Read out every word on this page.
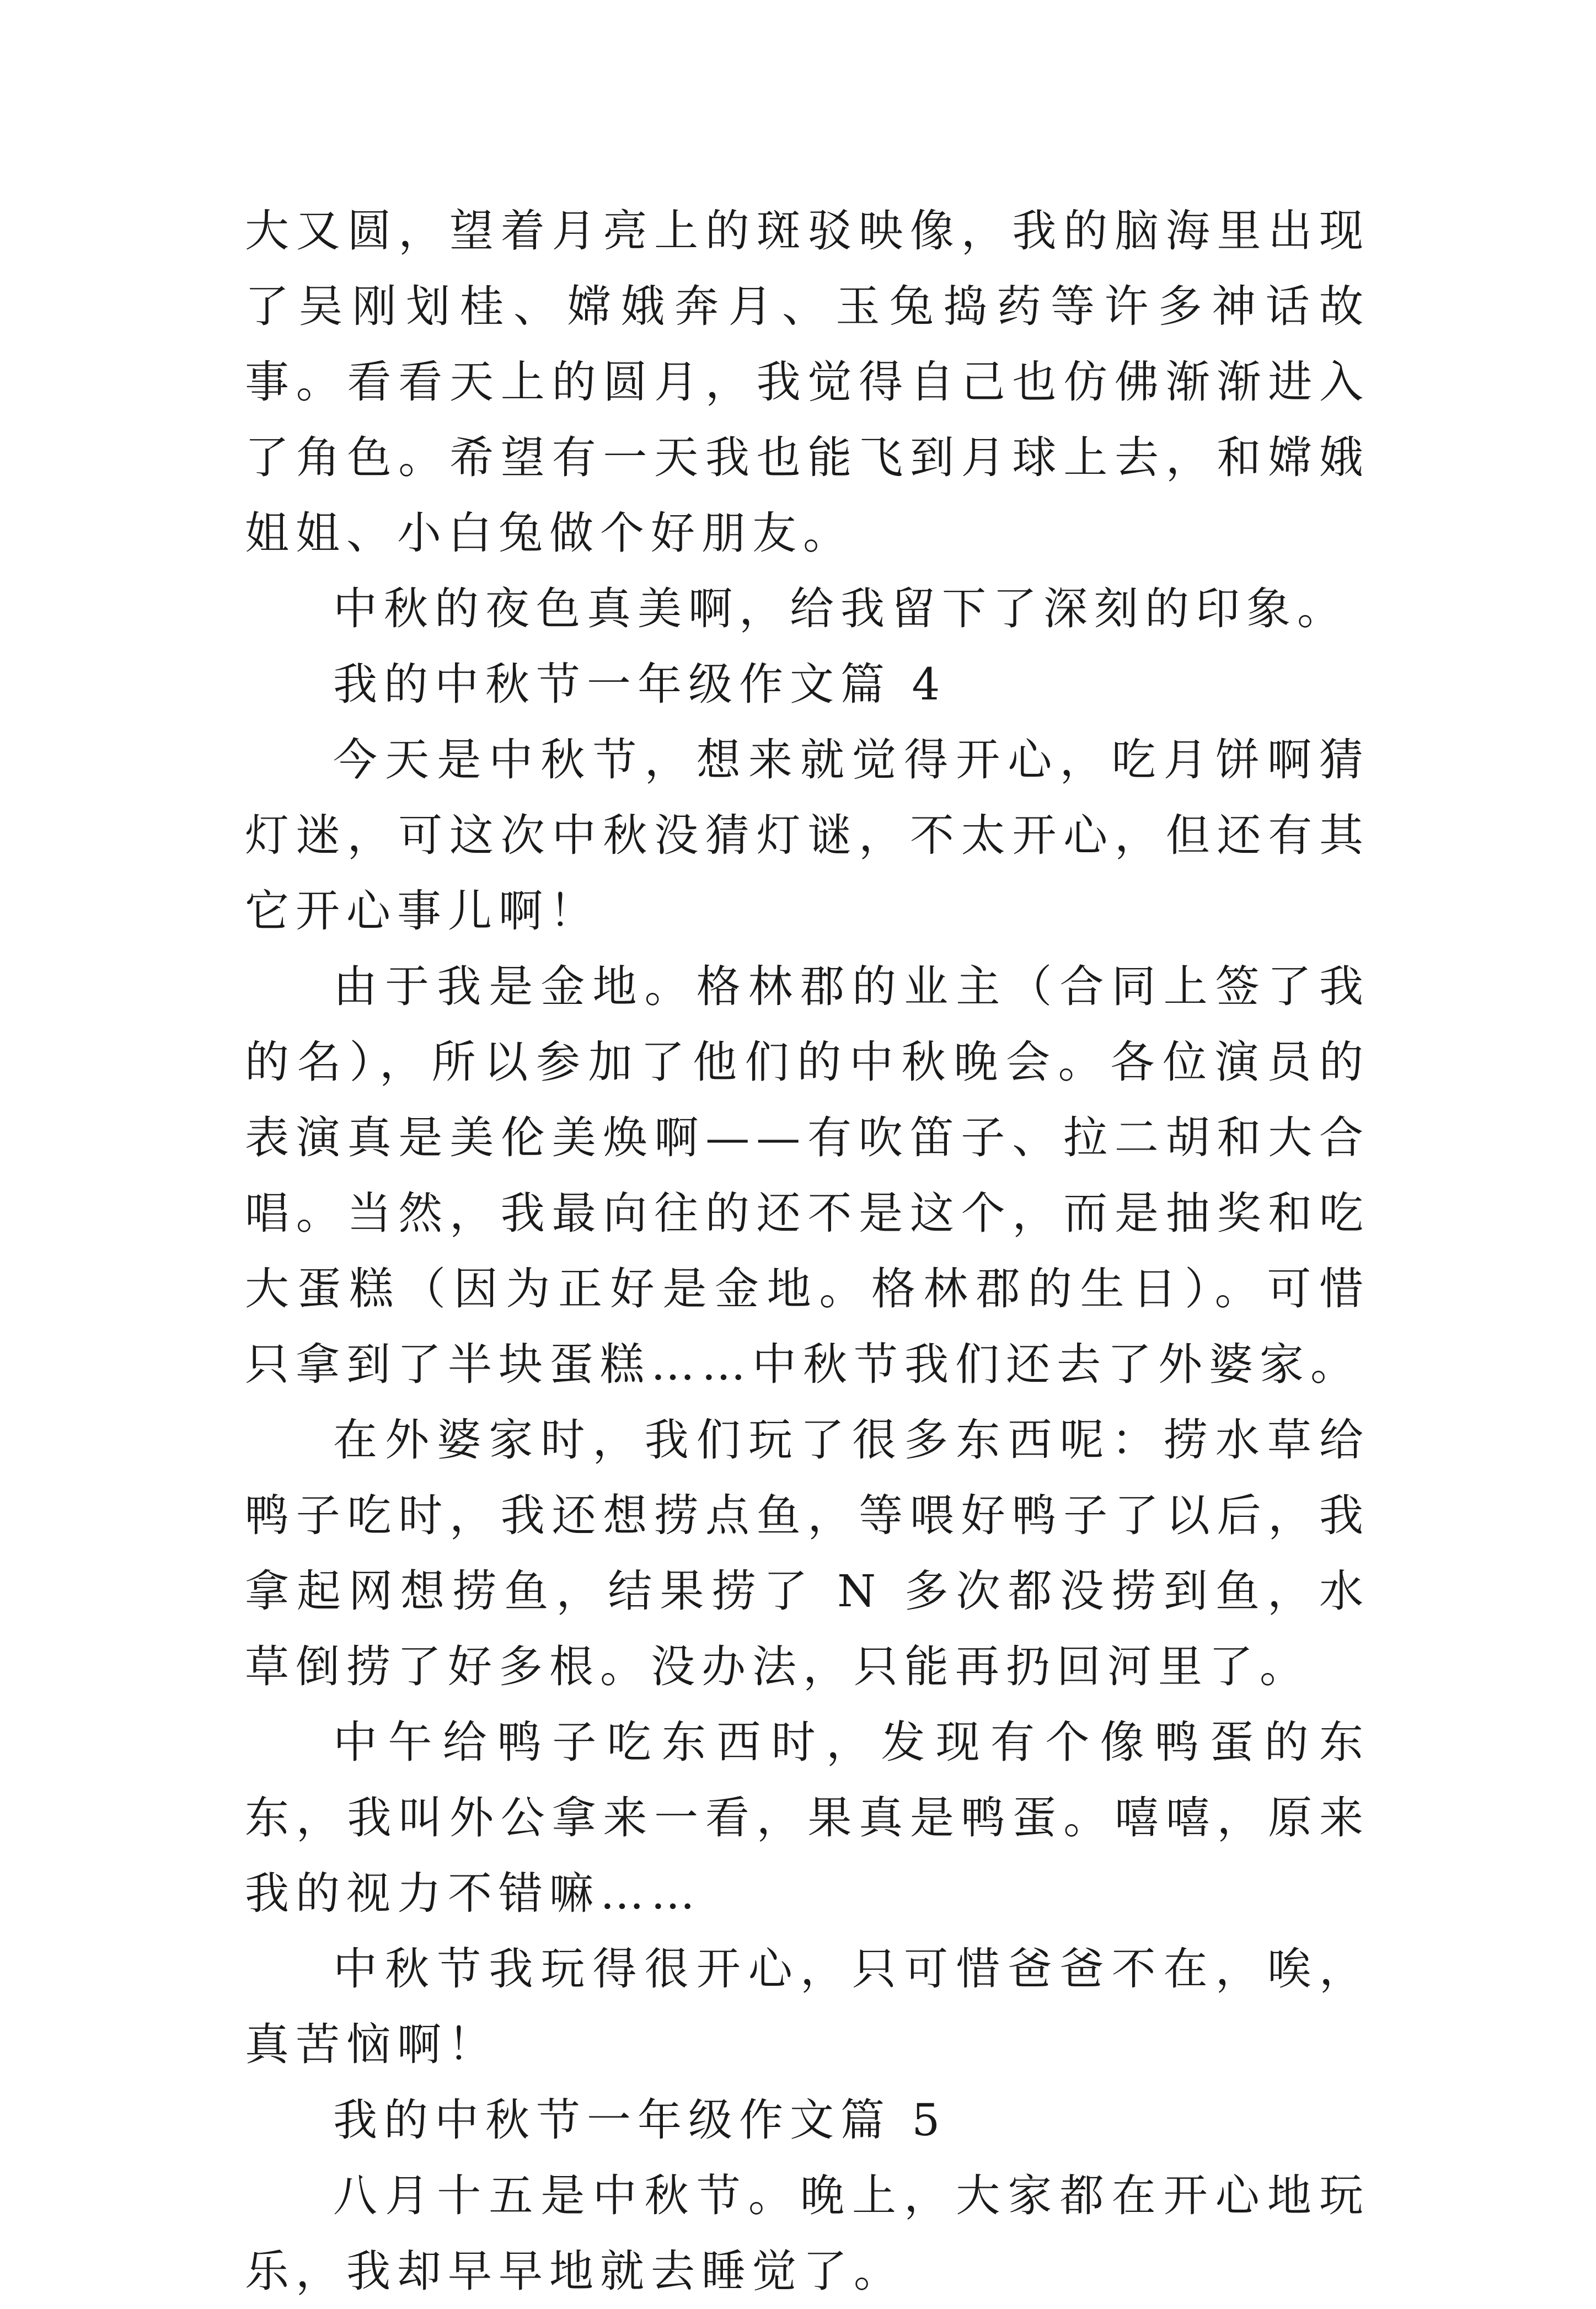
大又圆，望着月亮上的斑驳映像，我的脑海里出现了吴刚划桂、嫦娥奔月、玉兔捣药等许多神话故事。看看天上的圆月，我觉得自己也仿佛渐渐进入了角色。希望有一天我也能飞到月球上去，和嫦娥姐姐、小白兔做个好朋友。

中秋的夜色真美啊，给我留下了深刻的印象。

我的中秋节一年级作文篇 4

今天是中秋节，想来就觉得开心，吃月饼啊猜灯迷，可这次中秋没猜灯谜，不太开心，但还有其它开心事儿啊！

由于我是金地。格林郡的业主（合同上签了我的名），所以参加了他们的中秋晚会。各位演员的表演真是美伦美焕啊——有吹笛子、拉二胡和大合唱。当然，我最向往的还不是这个，而是抽奖和吃大蛋糕（因为正好是金地。格林郡的生日）。可惜只拿到了半块蛋糕……中秋节我们还去了外婆家。

在外婆家时，我们玩了很多东西呢：捞水草给鸭子吃时，我还想捞点鱼，等喂好鸭子了以后，我拿起网想捞鱼，结果捞了 N 多次都没捞到鱼，水草倒捞了好多根。没办法，只能再扔回河里了。

中午给鸭子吃东西时，发现有个像鸭蛋的东东，我叫外公拿来一看，果真是鸭蛋。嘻嘻，原来我的视力不错嘛……

中秋节我玩得很开心，只可惜爸爸不在，唉，真苦恼啊！

我的中秋节一年级作文篇 5

八月十五是中秋节。晚上，大家都在开心地玩乐，我却早早地就去睡觉了。
